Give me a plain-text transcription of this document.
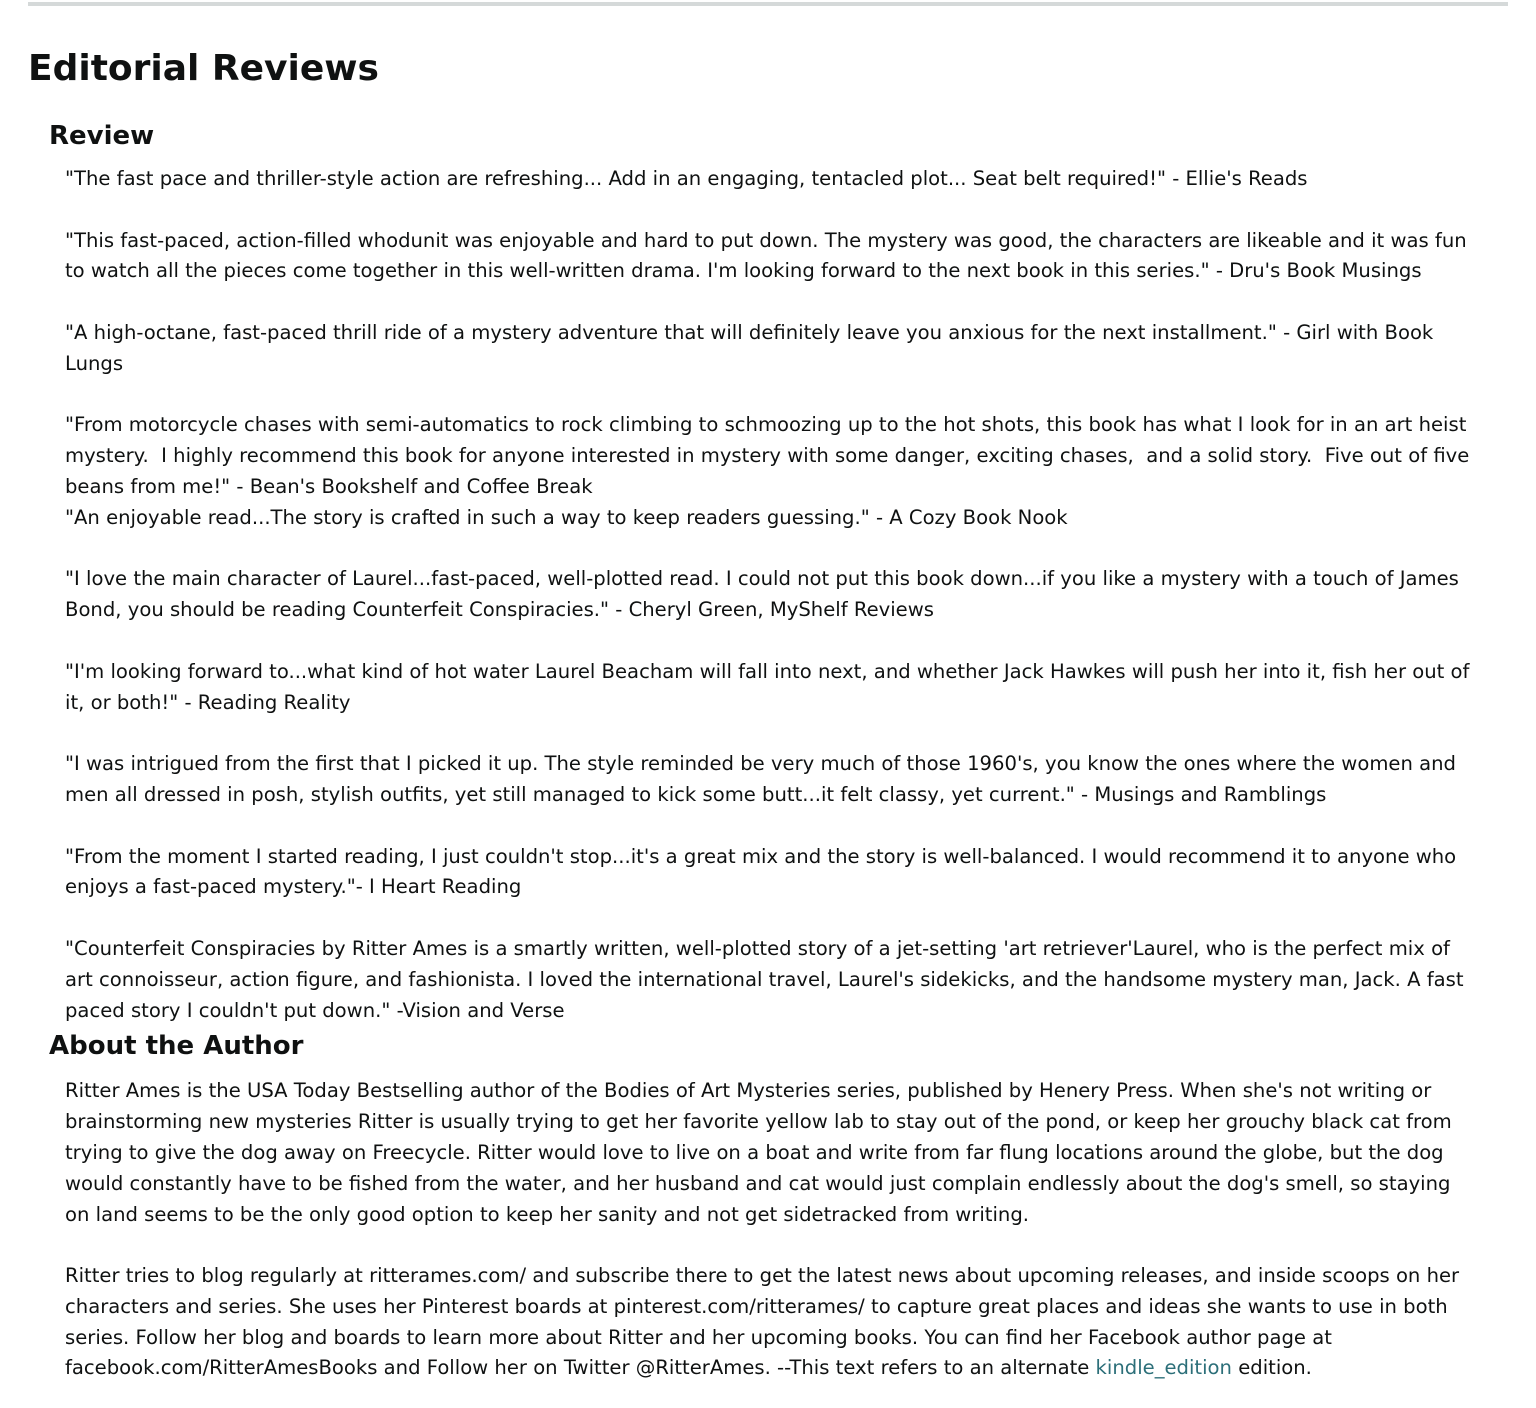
Editorial Reviews
Review
"The fast pace and thriller-style action are refreshing... Add in an engaging, tentacled plot... Seat belt required!" - Ellie's Reads

"This fast-paced, action-filled whodunit was enjoyable and hard to put down. The mystery was good, the characters are likeable and it was fun to watch all the pieces come together in this well-written drama. I'm looking forward to the next book in this series." - Dru's Book Musings

"A high-octane, fast-paced thrill ride of a mystery adventure that will definitely leave you anxious for the next installment." - Girl with Book Lungs

"From motorcycle chases with semi-automatics to rock climbing to schmoozing up to the hot shots, this book has what I look for in an art heist mystery.  I highly recommend this book for anyone interested in mystery with some danger, exciting chases,  and a solid story.  Five out of five beans from me!" - Bean's Bookshelf and Coffee Break
"An enjoyable read...The story is crafted in such a way to keep readers guessing." - A Cozy Book Nook

"I love the main character of Laurel...fast-paced, well-plotted read. I could not put this book down...if you like a mystery with a touch of James Bond, you should be reading Counterfeit Conspiracies." - Cheryl Green, MyShelf Reviews

"I'm looking forward to...what kind of hot water Laurel Beacham will fall into next, and whether Jack Hawkes will push her into it, fish her out of it, or both!" - Reading Reality

"I was intrigued from the first that I picked it up. The style reminded be very much of those 1960's, you know the ones where the women and men all dressed in posh, stylish outfits, yet still managed to kick some butt...it felt classy, yet current." - Musings and Ramblings

"From the moment I started reading, I just couldn't stop...it's a great mix and the story is well-balanced. I would recommend it to anyone who enjoys a fast-paced mystery."- I Heart Reading

"Counterfeit Conspiracies by Ritter Ames is a smartly written, well-plotted story of a jet-setting 'art retriever'Laurel, who is the perfect mix of art connoisseur, action figure, and fashionista. I loved the international travel, Laurel's sidekicks, and the handsome mystery man, Jack. A fast paced story I couldn't put down." -Vision and Verse
About the Author
Ritter Ames is the USA Today Bestselling author of the Bodies of Art Mysteries series, published by Henery Press. When she's not writing or brainstorming new mysteries Ritter is usually trying to get her favorite yellow lab to stay out of the pond, or keep her grouchy black cat from trying to give the dog away on Freecycle. Ritter would love to live on a boat and write from far flung locations around the globe, but the dog would constantly have to be fished from the water, and her husband and cat would just complain endlessly about the dog's smell, so staying on land seems to be the only good option to keep her sanity and not get sidetracked from writing.

Ritter tries to blog regularly at ritterames.com/ and subscribe there to get the latest news about upcoming releases, and inside scoops on her characters and series. She uses her Pinterest boards at pinterest.com/ritterames/ to capture great places and ideas she wants to use in both series. Follow her blog and boards to learn more about Ritter and her upcoming books. You can find her Facebook author page at facebook.com/RitterAmesBooks and Follow her on Twitter @RitterAmes. --This text refers to an alternate kindle_edition edition.
